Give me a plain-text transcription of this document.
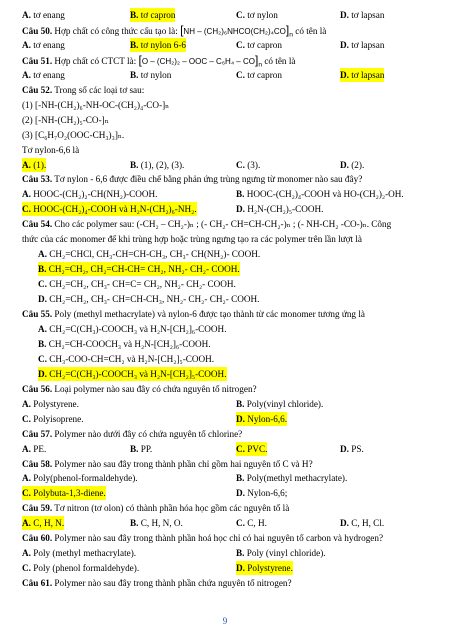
A. tơ enang	B. tơ capron	C. tơ nylon	D. tơ lapsan
Câu 50. Hợp chất có công thức cấu tạo là: $[NH - (CH_2)_6NHCO(CH_2)_4CO]_n$ có tên là
A. tơ enang	B. tơ nylon 6-6	C. tơ capron	D. tơ lapsan
Câu 51. Hợp chất có CTCT là: [O – (CH₂)₂ – OOC – $C_6H_4 - CO]_n$ có tên là
A. tơ enang	B. tơ nylon	C. tơ capron	D. tơ lapsan
Câu 52. Trong số các loại tơ sau:
(1) [-NH-(CH₂)₆-NH-OC-(CH₂)₄-CO-]ₙ
(2) [-NH-(CH₂)₅-CO-]ₙ
(3) [C₆H₇O₂(OOC-CH₃)₃]ₙ.
Tơ nylon-6,6 là
A. (1).	B. (1), (2), (3).	C. (3).	D. (2).
Câu 53. Tơ nylon - 6,6 được điều chế bằng phản ứng trùng ngưng từ monomer nào sau đây?
A. HOOC-(CH₂)₂-CH(NH₂)-COOH.	B. HOOC-(CH₂)₄-COOH và HO-(CH₂)₂-OH.
C. HOOC-(CH₂)₄-COOH và H₂N-(CH₂)₆-NH₂.	D. H₂N-(CH₂)₅-COOH.
Câu 54. Cho các polymer sau: (-CH₂ – CH₂-)ₙ ; (- CH₂- CH=CH-CH₂-)ₙ ; (- NH-CH₂ -CO-)ₙ. Công
thức của các monomer để khi trùng hợp hoặc trùng ngưng tạo ra các polymer trên lần lượt là
A. CH₂=CHCl, CH₃-CH=CH-CH₃, CH₃- CH(NH₂)- COOH.
B. CH₂=CH₂, CH₂=CH-CH= CH₂, NH₂- CH₂- COOH.
C. CH₂=CH₂, CH₃- CH=C= CH₂, NH₂- CH₂- COOH.
D. CH₂=CH₂, CH₃- CH=CH-CH₃, NH₂- CH₂- CH₂- COOH.
Câu 55. Poly (methyl methacrylate) và nylon-6 được tạo thành từ các monomer tương ứng là
A. CH₂=C(CH₃)-COOCH₃ và H₂N-[CH₂]₆-COOH.
B. CH₂=CH-COOCH₃ và H₂N-[CH₂]₆-COOH.
C. CH₃-COO-CH=CH₂ và H₂N-[CH₂]₅-COOH.
D. CH₂=C(CH₃)-COOCH₃ và H₂N-[CH₂]₅-COOH.
Câu 56. Loại polymer nào sau đây có chứa nguyên tố nitrogen?
A. Polystyrene.	B. Poly(vinyl chloride).
C. Polyisoprene.	D. Nylon-6,6.
Câu 57. Polymer nào dưới đây có chứa nguyên tố chlorine?
A. PE.	B. PP.	C. PVC.	D. PS.
Câu 58. Polymer nào sau đây trong thành phần chỉ gồm hai nguyên tố C và H?
A. Poly(phenol-formaldehyde).	B. Poly(methyl methacrylate).
C. Polybuta-1,3-diene.	D. Nylon-6,6;
Câu 59. Tơ nitron (tơ olon) có thành phần hóa học gồm các nguyên tố là
A. C, H, N.	B. C, H, N, O.	C. C, H.	D. C, H, Cl.
Câu 60. Polymer nào sau đây trong thành phần hoá học chỉ có hai nguyên tố carbon và hydrogen?
A. Poly (methyl methacrylate).	B. Poly (vinyl chloride).
C. Poly (phenol formaldehyde).	D. Polystyrene.
Câu 61. Polymer nào sau đây trong thành phần chứa nguyên tố nitrogen?
9
